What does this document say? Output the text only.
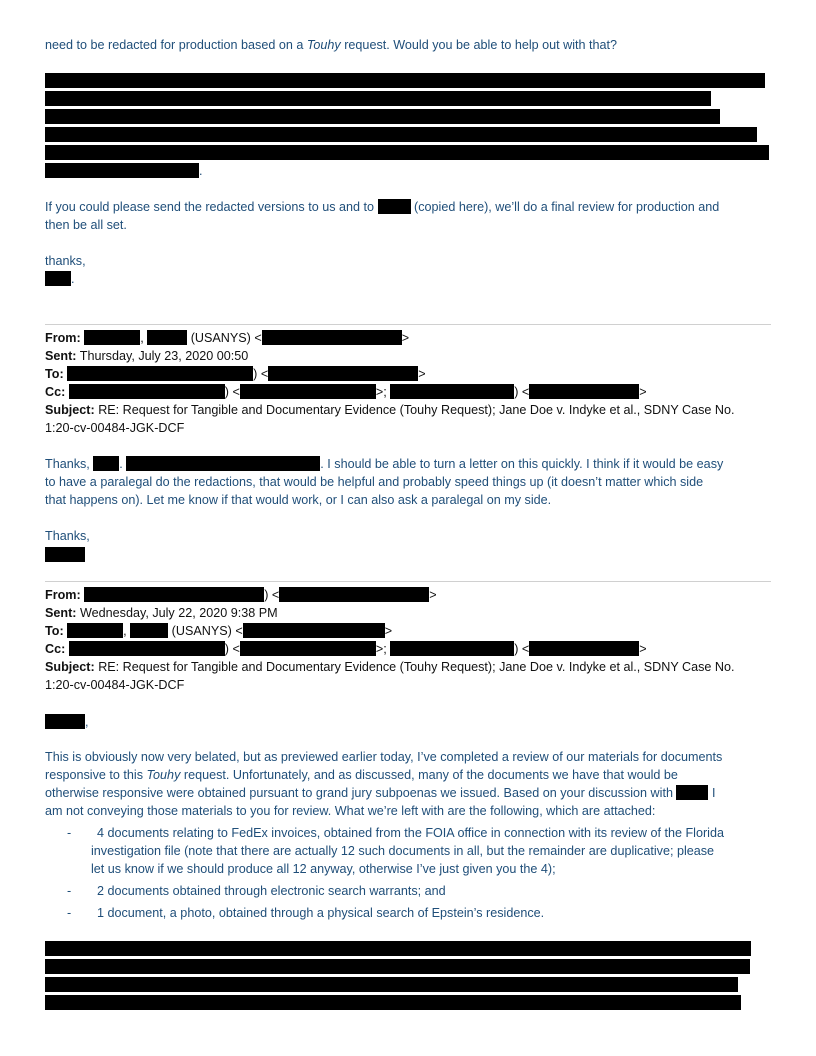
need to be redacted for production based on a Touhy request. Would you be able to help out with that?
.
If you could please send the redacted versions to us and to	(copied here), we’ll do a final review for production and
then be all set.
thanks,
.
From:	,	(USANYS) <	>
Sent: Thursday, July 23, 2020 00:50
To:	) <	>
Cc:	) <	>;	) <	>
Subject: RE: Request for Tangible and Documentary Evidence (Touhy Request); Jane Doe v. Indyke et al., SDNY Case No.
1:20-cv-00484-JGK-DCF
Thanks, .	. I should be able to turn a letter on this quickly. I think if it would be easy
to have a paralegal do the redactions, that would be helpful and probably speed things up (it doesn’t matter which side
that happens on). Let me know if that would work, or I can also ask a paralegal on my side.
Thanks,
From:	) <	>
Sent: Wednesday, July 22, 2020 9:38 PM
To:	,	(USANYS) <	>
Cc:	) <	>;	) <	>
Subject: RE: Request for Tangible and Documentary Evidence (Touhy Request); Jane Doe v. Indyke et al., SDNY Case No.
1:20-cv-00484-JGK-DCF
,
This is obviously now very belated, but as previewed earlier today, I’ve completed a review of our materials for documents
responsive to this Touhy request. Unfortunately, and as discussed, many of the documents we have that would be
otherwise responsive were obtained pursuant to grand jury subpoenas we issued. Based on your discussion with	I
am not conveying those materials to you for review. What we’re left with are the following, which are attached:
- 4 documents relating to FedEx invoices, obtained from the FOIA office in connection with its review of the Florida
investigation file (note that there are actually 12 such documents in all, but the remainder are duplicative; please
let us know if we should produce all 12 anyway, otherwise I’ve just given you the 4);
- 2 documents obtained through electronic search warrants; and
- 1 document, a photo, obtained through a physical search of Epstein’s residence.
